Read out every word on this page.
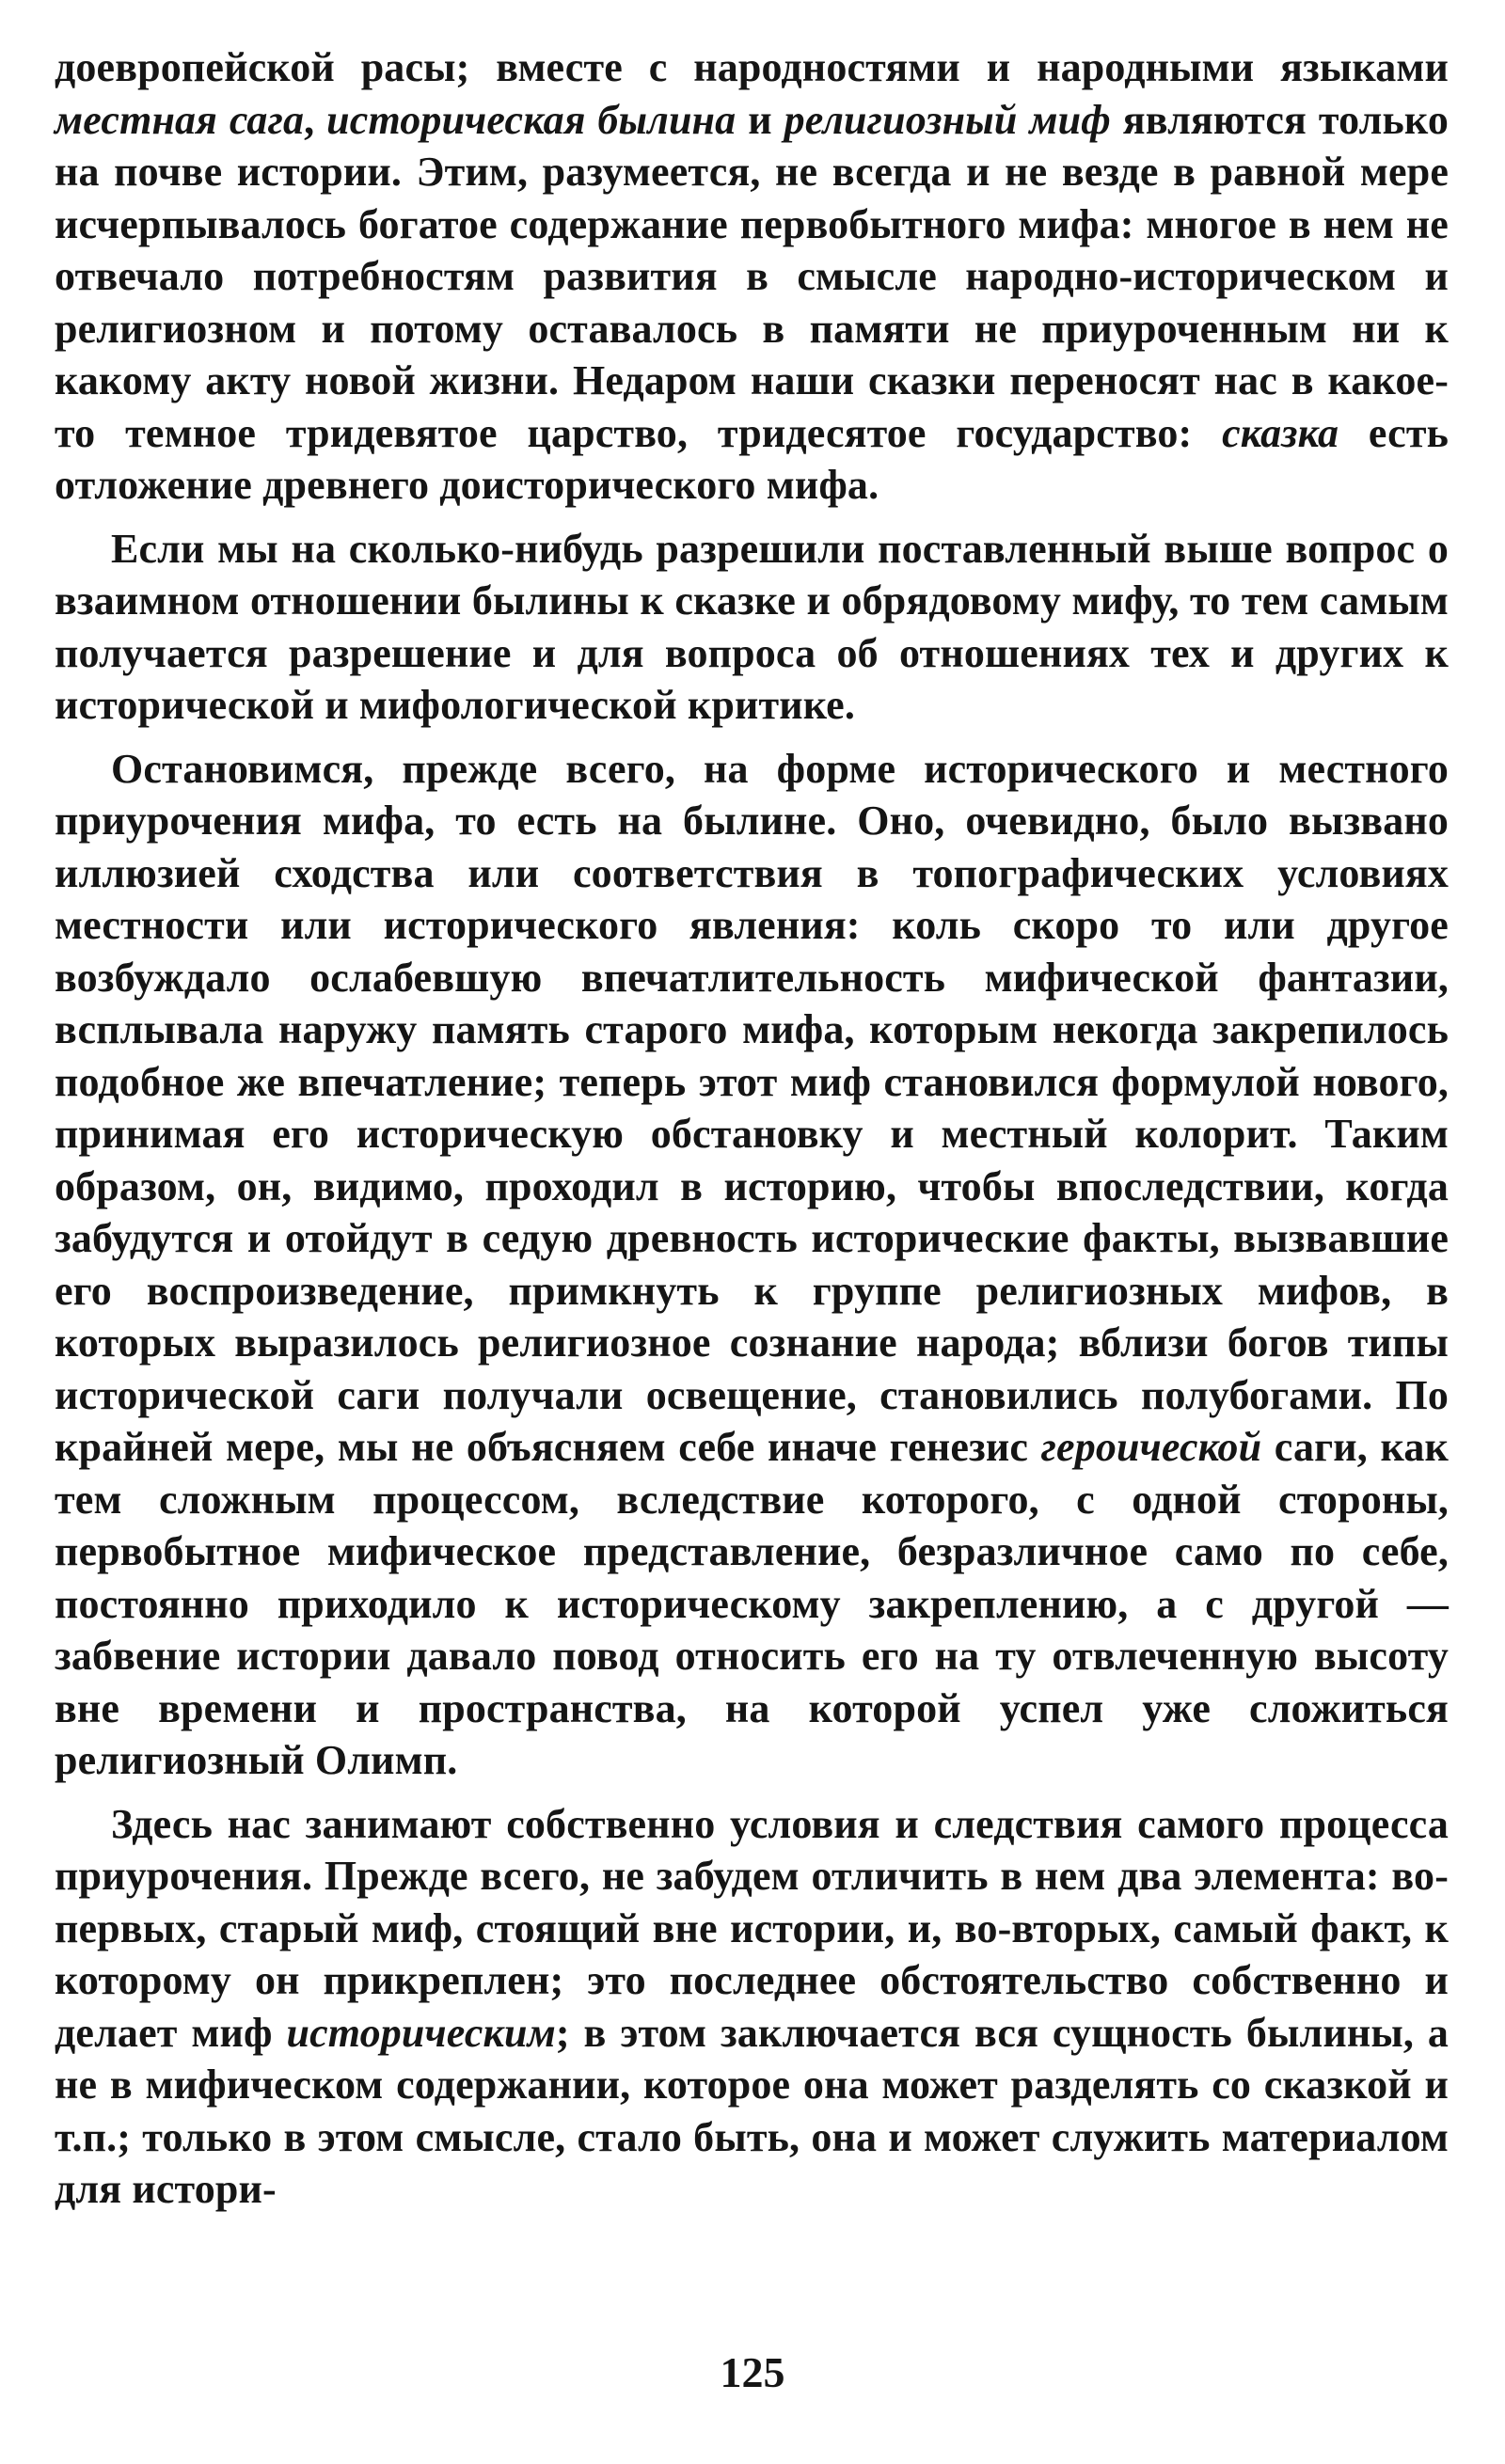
доевропейской расы; вместе с народностями и народными языками местная сага, историческая былина и религиозный миф являются только на почве истории. Этим, разумеется, не всегда и не везде в равной мере исчерпывалось богатое содержание первобытного мифа: многое в нем не отвечало потребностям развития в смысле народно-историческом и религиозном и потому оставалось в памяти не приуроченным ни к какому акту новой жизни. Недаром наши сказки переносят нас в какое-то темное тридевятое царство, тридесятое государство: сказка есть отложение древнего доисторического мифа.

Если мы на сколько-нибудь разрешили поставленный выше вопрос о взаимном отношении былины к сказке и обрядовому мифу, то тем самым получается разрешение и для вопроса об отношениях тех и других к исторической и мифологической критике.

Остановимся, прежде всего, на форме исторического и местного приурочения мифа, то есть на былине. Оно, очевидно, было вызвано иллюзией сходства или соответствия в топографических условиях местности или исторического явления: коль скоро то или другое возбуждало ослабевшую впечатлительность мифической фантазии, всплывала наружу память старого мифа, которым некогда закрепилось подобное же впечатление; теперь этот миф становился формулой нового, принимая его историческую обстановку и местный колорит. Таким образом, он, видимо, проходил в историю, чтобы впоследствии, когда забудутся и отойдут в седую древность исторические факты, вызвавшие его воспроизведение, примкнуть к группе религиозных мифов, в которых выразилось религиозное сознание народа; вблизи богов типы исторической саги получали освещение, становились полубогами. По крайней мере, мы не объясняем себе иначе генезис героической саги, как тем сложным процессом, вследствие которого, с одной стороны, первобытное мифическое представление, безразличное само по себе, постоянно приходило к историческому закреплению, а с другой — забвение истории давало повод относить его на ту отвлеченную высоту вне времени и пространства, на которой успел уже сложиться религиозный Олимп.

Здесь нас занимают собственно условия и следствия самого процесса приурочения. Прежде всего, не забудем отличить в нем два элемента: во-первых, старый миф, стоящий вне истории, и, во-вторых, самый факт, к которому он прикреплен; это последнее обстоятельство собственно и делает миф историческим; в этом заключается вся сущность былины, а не в мифическом содержании, которое она может разделять со сказкой и т.п.; только в этом смысле, стало быть, она и может служить материалом для истори-

125
